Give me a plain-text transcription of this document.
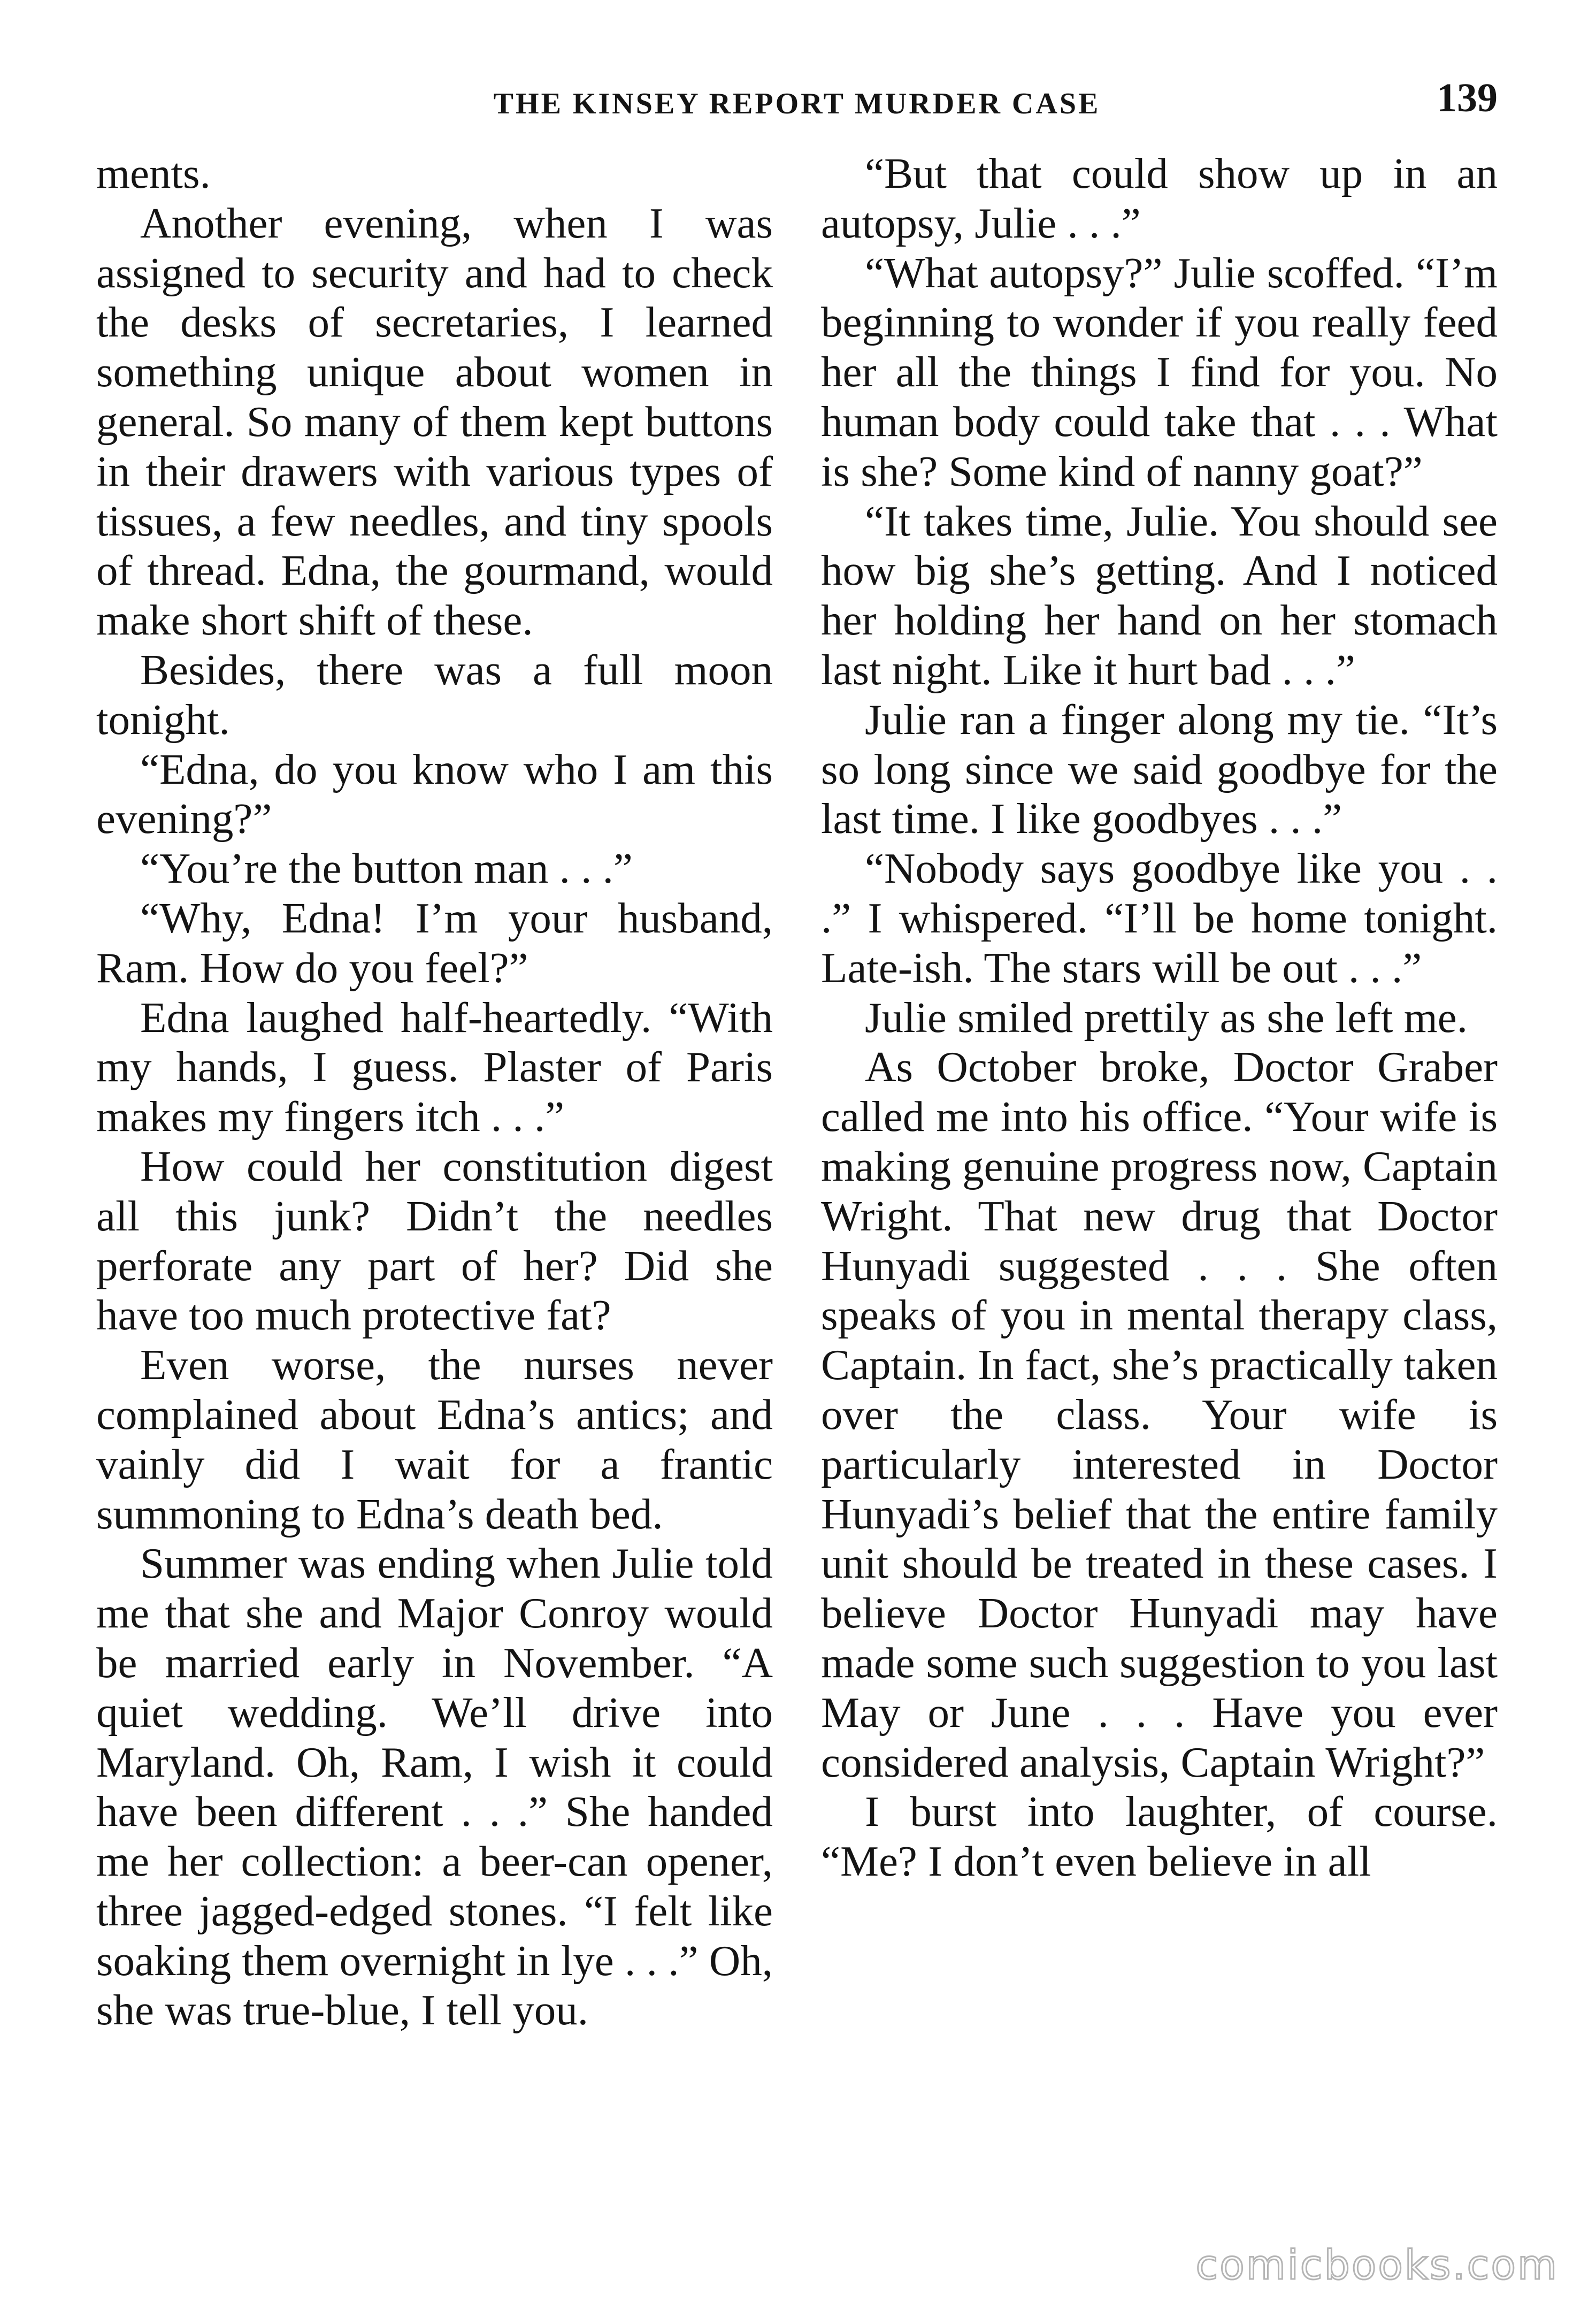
THE KINSEY REPORT MURDER CASE	139

ments.

Another evening, when I was assigned to security and had to check the desks of secretaries, I learned something unique about women in general. So many of them kept buttons in their drawers with various types of tissues, a few needles, and tiny spools of thread. Edna, the gourmand, would make short shift of these.

Besides, there was a full moon tonight.

“Edna, do you know who I am this evening?”

“You’re the button man . . .”

“Why, Edna! I’m your husband, Ram. How do you feel?”

Edna laughed half-heartedly. “With my hands, I guess. Plaster of Paris makes my fingers itch . . .”

How could her constitution digest all this junk? Didn’t the needles perforate any part of her? Did she have too much protective fat?

Even worse, the nurses never complained about Edna’s antics; and vainly did I wait for a frantic summoning to Edna’s death bed.

Summer was ending when Julie told me that she and Major Conroy would be married early in November. “A quiet wedding. We’ll drive into Maryland. Oh, Ram, I wish it could have been different . . .” She handed me her collection: a beer-can opener, three jagged-edged stones. “I felt like soaking them overnight in lye . . .” Oh, she was true-blue, I tell you.

“But that could show up in an autopsy, Julie . . .”

“What autopsy?” Julie scoffed. “I’m beginning to wonder if you really feed her all the things I find for you. No human body could take that . . . What is she? Some kind of nanny goat?”

“It takes time, Julie. You should see how big she’s getting. And I noticed her holding her hand on her stomach last night. Like it hurt bad . . .”

Julie ran a finger along my tie. “It’s so long since we said goodbye for the last time. I like goodbyes . . .”

“Nobody says goodbye like you . . .” I whispered. “I’ll be home tonight. Late-ish. The stars will be out . . .”

Julie smiled prettily as she left me.

As October broke, Doctor Graber called me into his office. “Your wife is making genuine progress now, Captain Wright. That new drug that Doctor Hunyadi suggested . . . She often speaks of you in mental therapy class, Captain. In fact, she’s practically taken over the class. Your wife is particularly interested in Doctor Hunyadi’s belief that the entire family unit should be treated in these cases. I believe Doctor Hunyadi may have made some such suggestion to you last May or June . . . Have you ever considered analysis, Captain Wright?”

I burst into laughter, of course. “Me? I don’t even believe in all

comicbooks.com
